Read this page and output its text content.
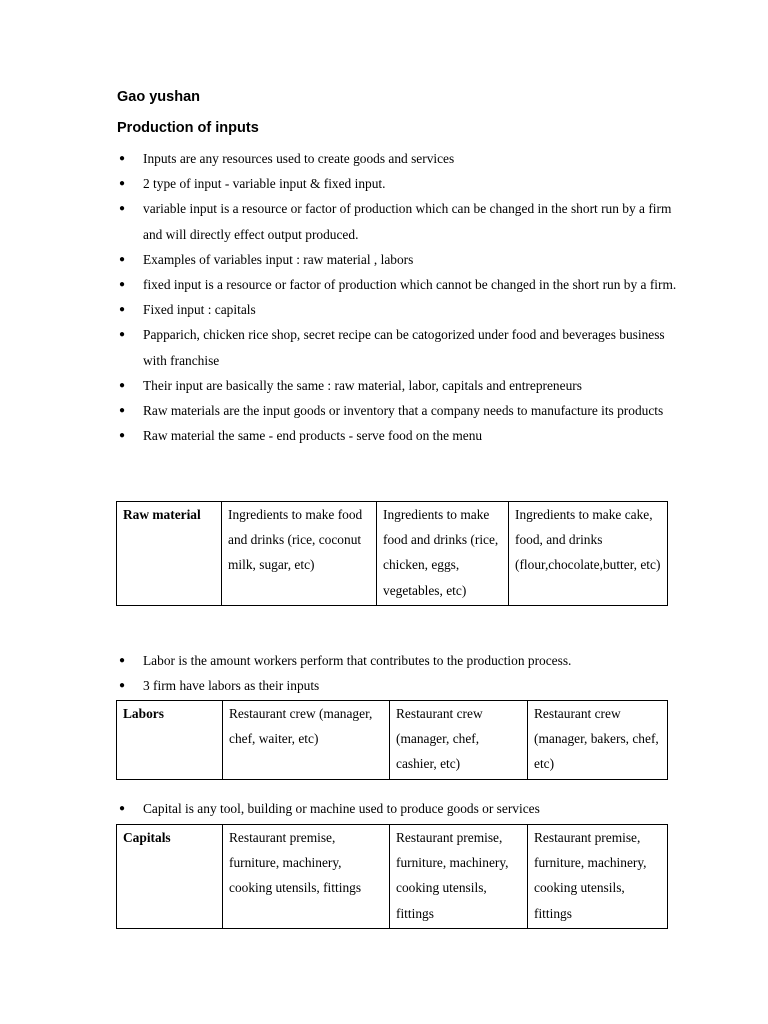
Gao yushan
Production of inputs
● Inputs are any resources used to create goods and services
● 2 type of input - variable input & fixed input.
● variable input is a resource or factor of production which can be changed in the short run by a firm and will directly effect output produced.
● Examples of variables input : raw material , labors
● fixed input is a resource or factor of production which cannot be changed in the short run by a firm.
● Fixed input : capitals
● Papparich, chicken rice shop, secret recipe can be catogorized under food and beverages business with franchise
● Their input are basically the same : raw material, labor, capitals and entrepreneurs
● Raw materials are the input goods or inventory that a company needs to manufacture its products
● Raw material the same - end products - serve food on the menu
Raw material	Ingredients to make food and drinks (rice, coconut milk, sugar, etc)	Ingredients to make food and drinks (rice, chicken, eggs, vegetables, etc)	Ingredients to make cake, food, and drinks (flour,chocolate,butter, etc)
● Labor is the amount workers perform that contributes to the production process.
● 3 firm have labors as their inputs
Labors	Restaurant crew (manager, chef, waiter, etc)	Restaurant crew (manager, chef, cashier, etc)	Restaurant crew (manager, bakers, chef, etc)
● Capital is any tool, building or machine used to produce goods or services
Capitals	Restaurant premise, furniture, machinery, cooking utensils, fittings	Restaurant premise, furniture, machinery, cooking utensils, fittings	Restaurant premise, furniture, machinery, cooking utensils, fittings
